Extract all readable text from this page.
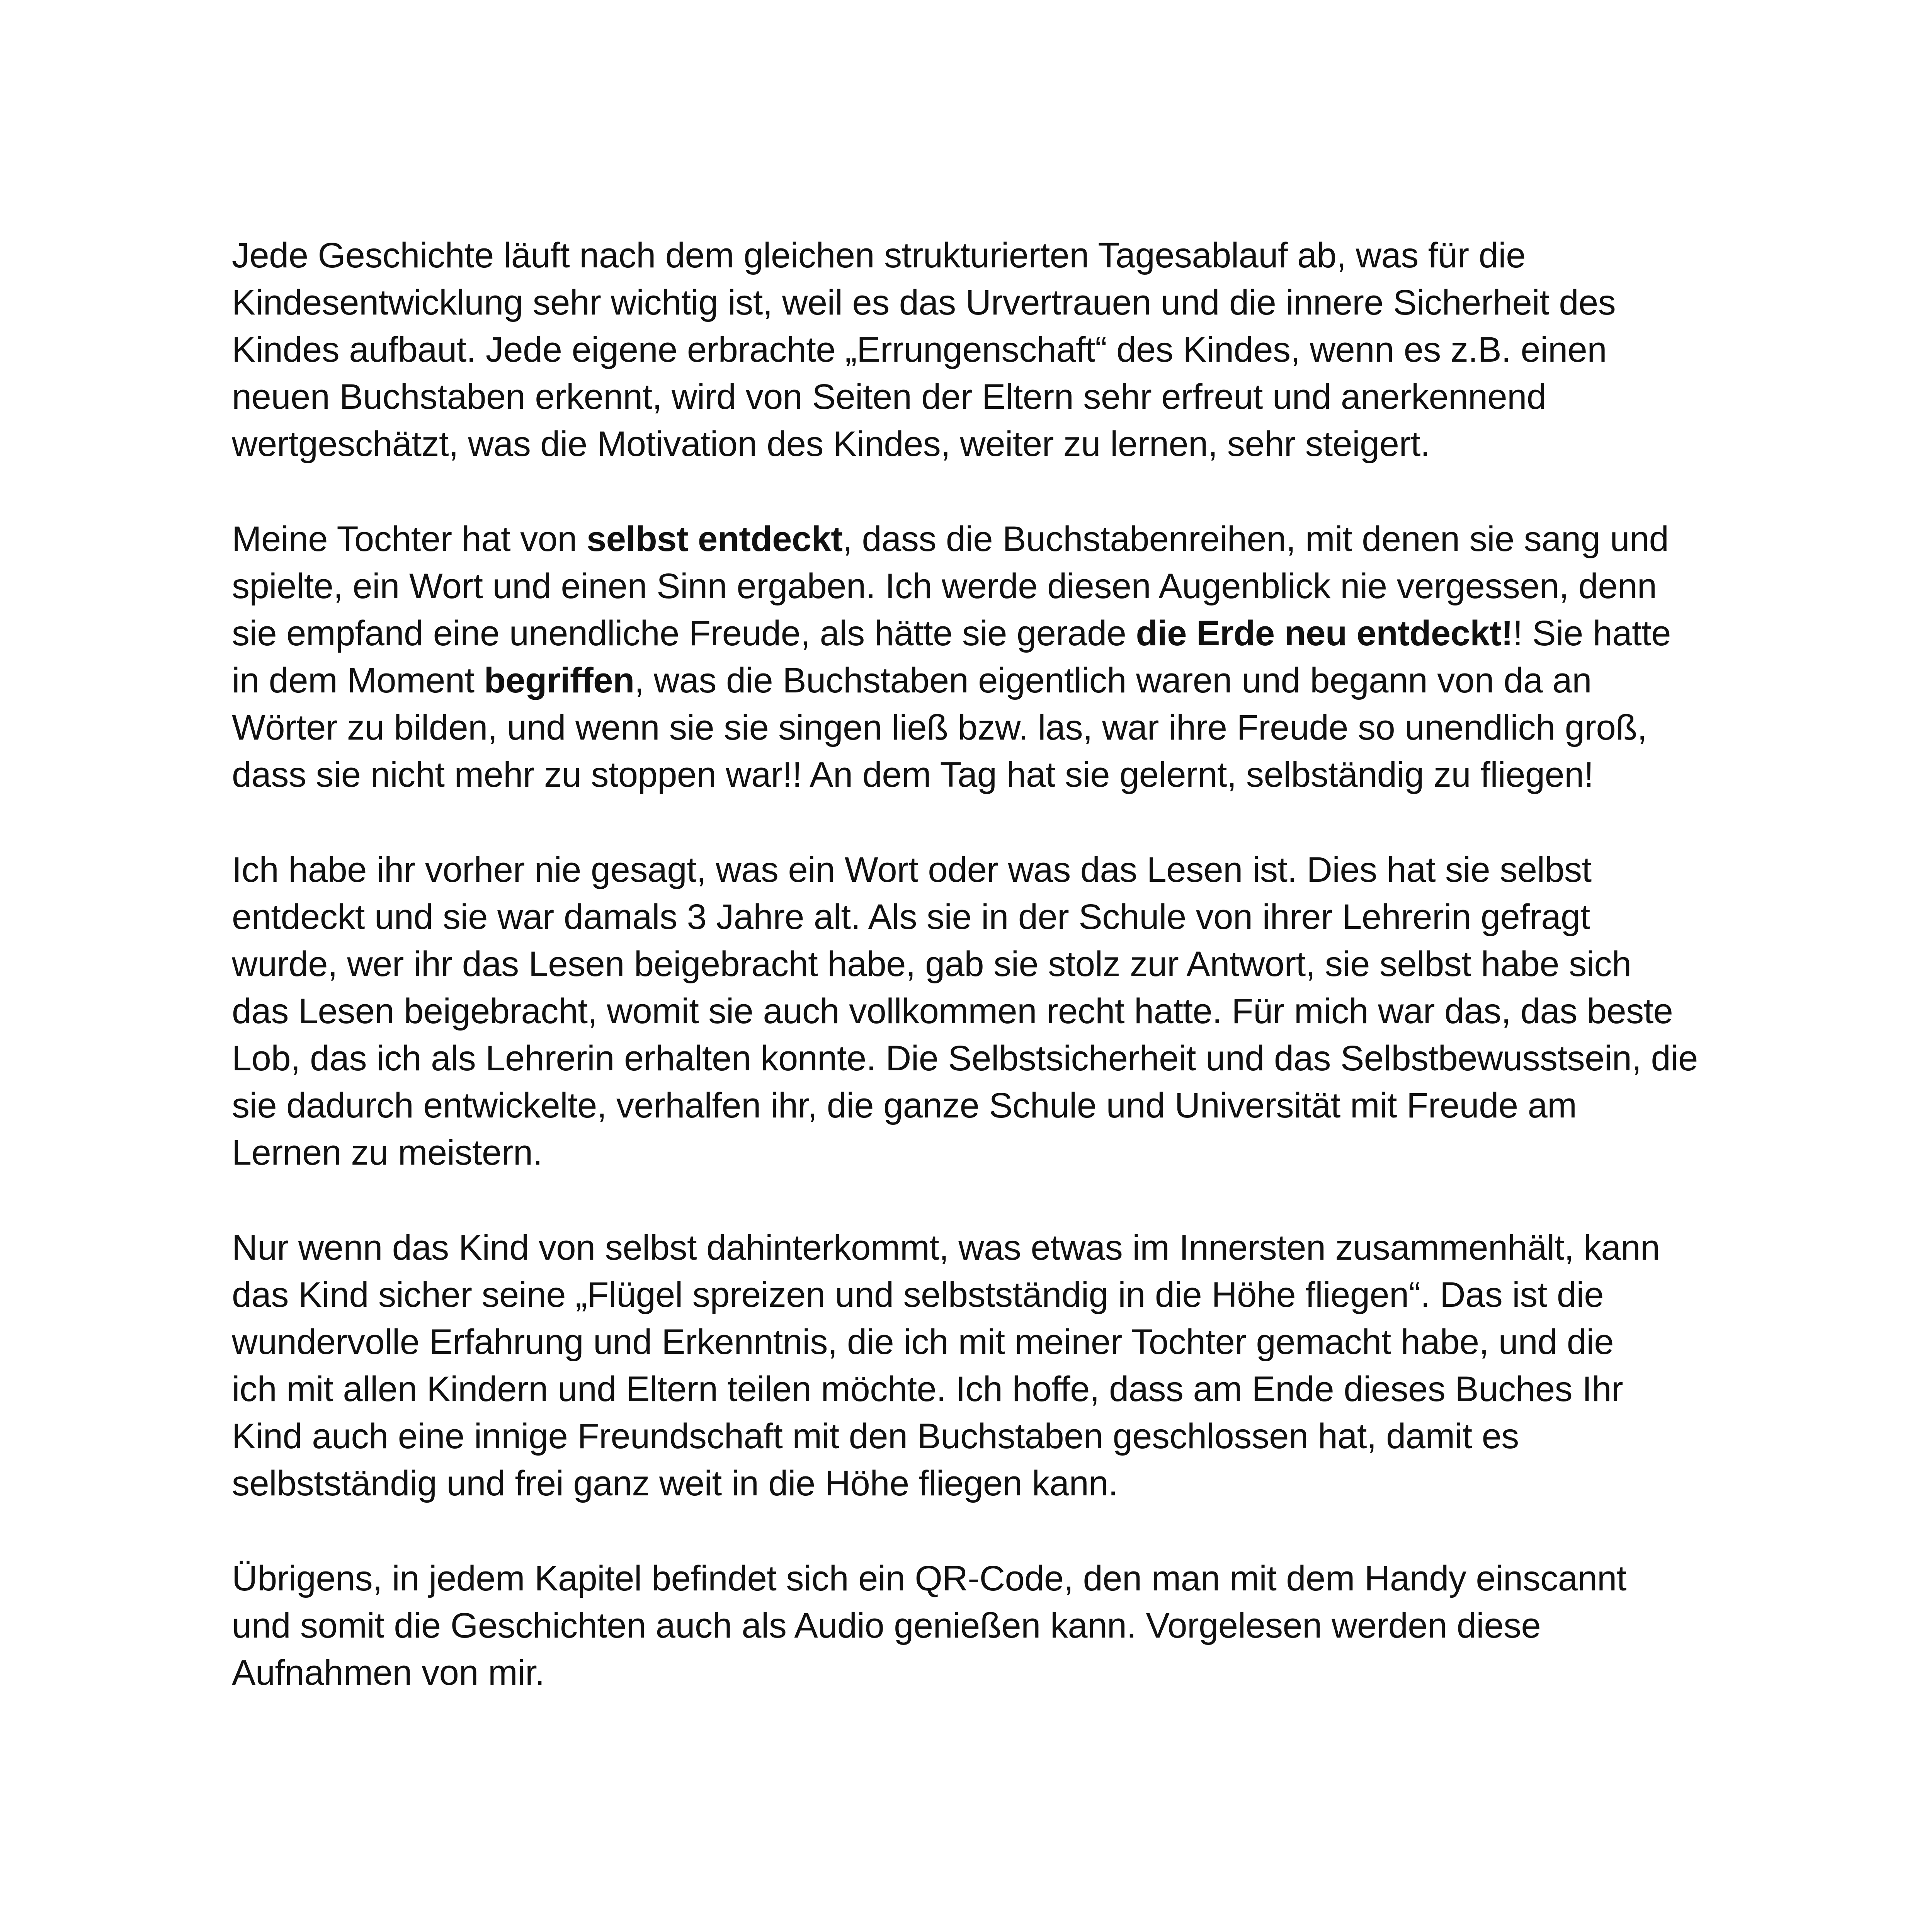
Jede Geschichte läuft nach dem gleichen strukturierten Tagesablauf ab, was für die
Kindesentwicklung sehr wichtig ist, weil es das Urvertrauen und die innere Sicherheit des
Kindes aufbaut. Jede eigene erbrachte „Errungenschaft“ des Kindes, wenn es z.B. einen
neuen Buchstaben erkennt, wird von Seiten der Eltern sehr erfreut und anerkennend
wertgeschätzt, was die Motivation des Kindes, weiter zu lernen, sehr steigert.

Meine Tochter hat von selbst entdeckt, dass die Buchstabenreihen, mit denen sie sang und
spielte, ein Wort und einen Sinn ergaben. Ich werde diesen Augenblick nie vergessen, denn
sie empfand eine unendliche Freude, als hätte sie gerade die Erde neu entdeckt!! Sie hatte
in dem Moment begriffen, was die Buchstaben eigentlich waren und begann von da an
Wörter zu bilden, und wenn sie sie singen ließ bzw. las, war ihre Freude so unendlich groß,
dass sie nicht mehr zu stoppen war!! An dem Tag hat sie gelernt, selbständig zu fliegen!

Ich habe ihr vorher nie gesagt, was ein Wort oder was das Lesen ist. Dies hat sie selbst
entdeckt und sie war damals 3 Jahre alt. Als sie in der Schule von ihrer Lehrerin gefragt
wurde, wer ihr das Lesen beigebracht habe, gab sie stolz zur Antwort, sie selbst habe sich
das Lesen beigebracht, womit sie auch vollkommen recht hatte. Für mich war das, das beste
Lob, das ich als Lehrerin erhalten konnte. Die Selbstsicherheit und das Selbstbewusstsein, die
sie dadurch entwickelte, verhalfen ihr, die ganze Schule und Universität mit Freude am
Lernen zu meistern.

Nur wenn das Kind von selbst dahinterkommt, was etwas im Innersten zusammenhält, kann
das Kind sicher seine „Flügel spreizen und selbstständig in die Höhe fliegen“. Das ist die
wundervolle Erfahrung und Erkenntnis, die ich mit meiner Tochter gemacht habe, und die
ich mit allen Kindern und Eltern teilen möchte. Ich hoffe, dass am Ende dieses Buches Ihr
Kind auch eine innige Freundschaft mit den Buchstaben geschlossen hat, damit es
selbstständig und frei ganz weit in die Höhe fliegen kann.

Übrigens, in jedem Kapitel befindet sich ein QR-Code, den man mit dem Handy einscannt
und somit die Geschichten auch als Audio genießen kann. Vorgelesen werden diese
Aufnahmen von mir.
